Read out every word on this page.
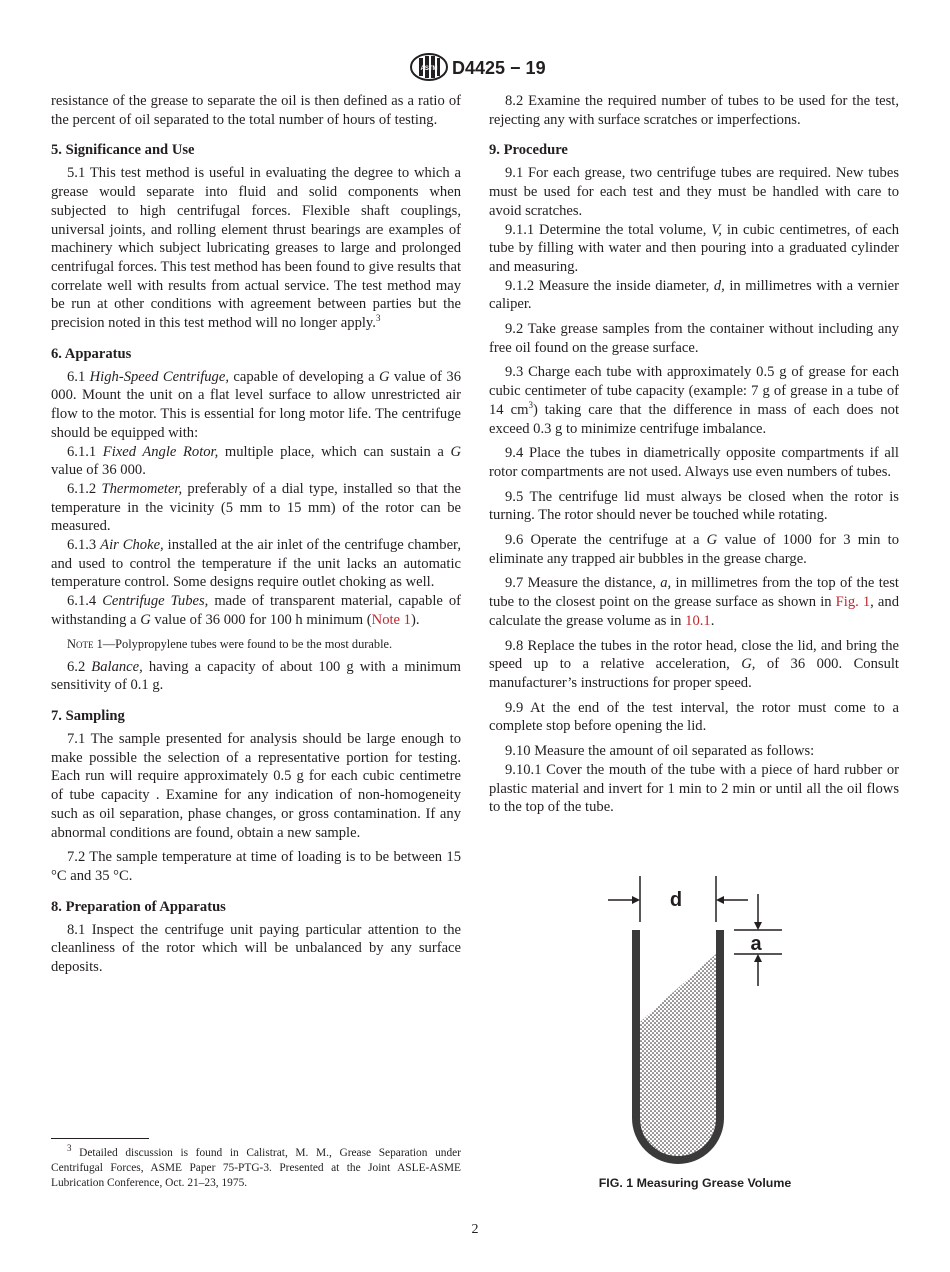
ASTM D4425 − 19

resistance of the grease to separate the oil is then defined as a ratio of the percent of oil separated to the total number of hours of testing.

5. Significance and Use

5.1 This test method is useful in evaluating the degree to which a grease would separate into fluid and solid components when subjected to high centrifugal forces. Flexible shaft couplings, universal joints, and rolling element thrust bearings are examples of machinery which subject lubricating greases to large and prolonged centrifugal forces. This test method has been found to give results that correlate well with results from actual service. The test method may be run at other conditions with agreement between parties but the precision noted in this test method will no longer apply.$^3$

6. Apparatus

6.1 High-Speed Centrifuge, capable of developing a G value of 36 000. Mount the unit on a flat level surface to allow unrestricted air flow to the motor. This is essential for long motor life. The centrifuge should be equipped with:

6.1.1 Fixed Angle Rotor, multiple place, which can sustain a G value of 36 000.

6.1.2 Thermometer, preferably of a dial type, installed so that the temperature in the vicinity (5 mm to 15 mm) of the rotor can be measured.

6.1.3 Air Choke, installed at the air inlet of the centrifuge chamber, and used to control the temperature if the unit lacks an automatic temperature control. Some designs require outlet choking as well.

6.1.4 Centrifuge Tubes, made of transparent material, capable of withstanding a G value of 36 000 for 100 h minimum (Note 1).

Note 1—Polypropylene tubes were found to be the most durable.

6.2 Balance, having a capacity of about 100 g with a minimum sensitivity of 0.1 g.

7. Sampling

7.1 The sample presented for analysis should be large enough to make possible the selection of a representative portion for testing. Each run will require approximately 0.5 g for each cubic centimetre of tube capacity . Examine for any indication of non-homogeneity such as oil separation, phase changes, or gross contamination. If any abnormal conditions are found, obtain a new sample.

7.2 The sample temperature at time of loading is to be between 15 °C and 35 °C.

8. Preparation of Apparatus

8.1 Inspect the centrifuge unit paying particular attention to the cleanliness of the rotor which will be unbalanced by any surface deposits.

8.2 Examine the required number of tubes to be used for the test, rejecting any with surface scratches or imperfections.

9. Procedure

9.1 For each grease, two centrifuge tubes are required. New tubes must be used for each test and they must be handled with care to avoid scratches.

9.1.1 Determine the total volume, V, in cubic centimetres, of each tube by filling with water and then pouring into a graduated cylinder and measuring.

9.1.2 Measure the inside diameter, d, in millimetres with a vernier caliper.

9.2 Take grease samples from the container without including any free oil found on the grease surface.

9.3 Charge each tube with approximately 0.5 g of grease for each cubic centimeter of tube capacity (example: 7 g of grease in a tube of 14 $cm^3$) taking care that the difference in mass of each does not exceed 0.3 g to minimize centrifuge imbalance.

9.4 Place the tubes in diametrically opposite compartments if all rotor compartments are not used. Always use even numbers of tubes.

9.5 The centrifuge lid must always be closed when the rotor is turning. The rotor should never be touched while rotating.

9.6 Operate the centrifuge at a G value of 1000 for 3 min to eliminate any trapped air bubbles in the grease charge.

9.7 Measure the distance, a, in millimetres from the top of the test tube to the closest point on the grease surface as shown in Fig. 1, and calculate the grease volume as in 10.1.

9.8 Replace the tubes in the rotor head, close the lid, and bring the speed up to a relative acceleration, G, of 36 000. Consult manufacturer’s instructions for proper speed.

9.9 At the end of the test interval, the rotor must come to a complete stop before opening the lid.

9.10 Measure the amount of oil separated as follows:

9.10.1 Cover the mouth of the tube with a piece of hard rubber or plastic material and invert for 1 min to 2 min or until all the oil flows to the top of the tube.

d
a
FIG. 1 Measuring Grease Volume

$^3$ Detailed discussion is found in Calistrat, M. M., Grease Separation under Centrifugal Forces, ASME Paper 75-PTG-3. Presented at the Joint ASLE-ASME Lubrication Conference, Oct. 21–23, 1975.

2
